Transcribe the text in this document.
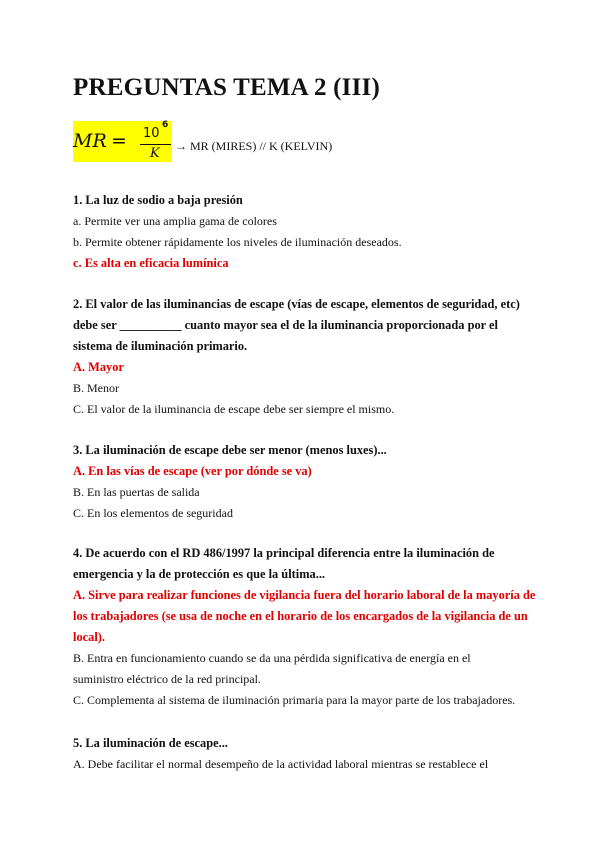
PREGUNTAS TEMA 2 (III)
MR = 10
6
K → MR (MIRES) // K (KELVIN)
1. La luz de sodio a baja presión
a. Permite ver una amplia gama de colores
b. Permite obtener rápidamente los niveles de iluminación deseados.
c. Es alta en eficacia lumínica
2. El valor de las iluminancias de escape (vías de escape, elementos de seguridad, etc)
debe ser __________ cuanto mayor sea el de la iluminancia proporcionada por el
sistema de iluminación primario.
A. Mayor
B. Menor
C. El valor de la iluminancia de escape debe ser siempre el mismo.
3. La iluminación de escape debe ser menor (menos luxes)...
A. En las vías de escape (ver por dónde se va)
B. En las puertas de salida
C. En los elementos de seguridad
4. De acuerdo con el RD 486/1997 la principal diferencia entre la iluminación de
emergencia y la de protección es que la última...
A. Sirve para realizar funciones de vigilancia fuera del horario laboral de la mayoría de
los trabajadores (se usa de noche en el horario de los encargados de la vigilancia de un
local).
B. Entra en funcionamiento cuando se da una pérdida significativa de energía en el
suministro eléctrico de la red principal.
C. Complementa al sistema de iluminación primaria para la mayor parte de los trabajadores.
5. La iluminación de escape...
A. Debe facilitar el normal desempeño de la actividad laboral mientras se restablece el
